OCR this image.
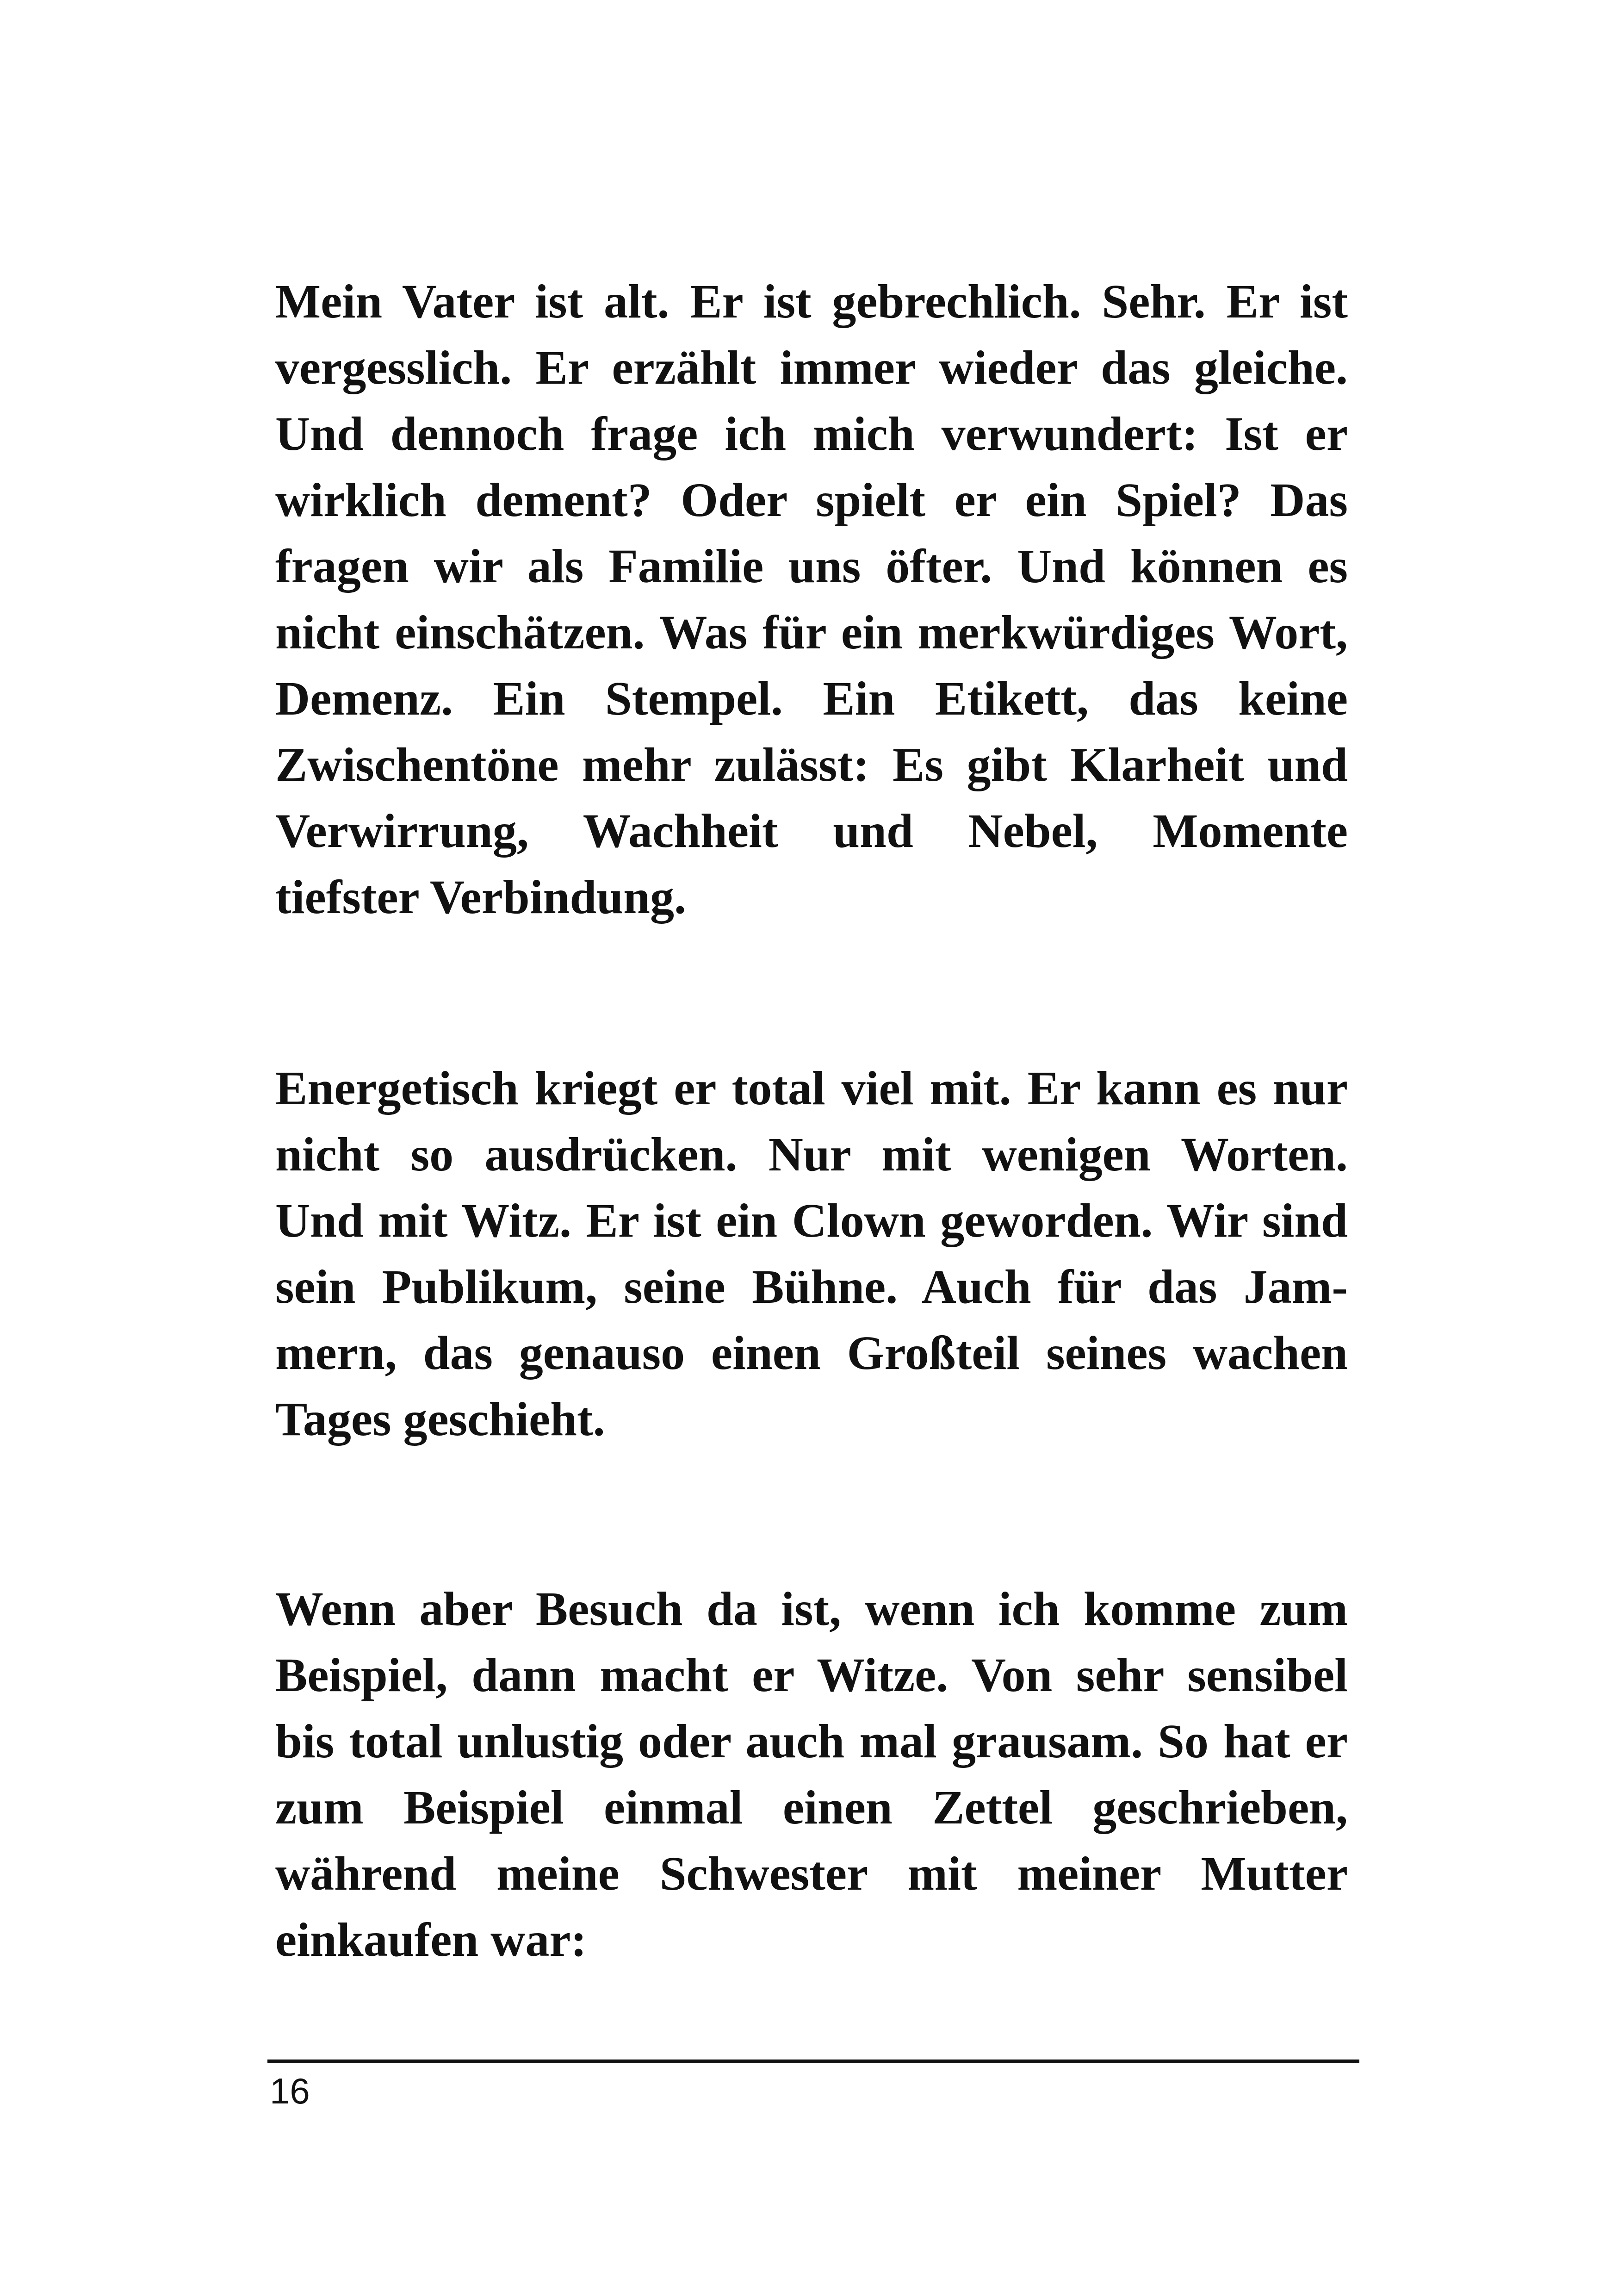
Mein Vater ist alt. Er ist gebrechlich. Sehr. Er ist
vergesslich. Er erzählt immer wieder das gleiche.
Und dennoch frage ich mich verwundert: Ist er
wirklich dement? Oder spielt er ein Spiel? Das
fragen wir als Familie uns öfter. Und können es
nicht einschätzen. Was für ein merkwürdiges Wort,
Demenz. Ein Stempel. Ein Etikett, das keine
Zwischentöne mehr zulässt: Es gibt Klarheit und
Verwirrung, Wachheit und Nebel, Momente
tiefster Verbindung.

Energetisch kriegt er total viel mit. Er kann es nur
nicht so ausdrücken. Nur mit wenigen Worten.
Und mit Witz. Er ist ein Clown geworden. Wir sind
sein Publikum, seine Bühne. Auch für das Jam-
mern, das genauso einen Großteil seines wachen
Tages geschieht.

Wenn aber Besuch da ist, wenn ich komme zum
Beispiel, dann macht er Witze. Von sehr sensibel
bis total unlustig oder auch mal grausam. So hat er
zum Beispiel einmal einen Zettel geschrieben,
während meine Schwester mit meiner Mutter
einkaufen war:

16
